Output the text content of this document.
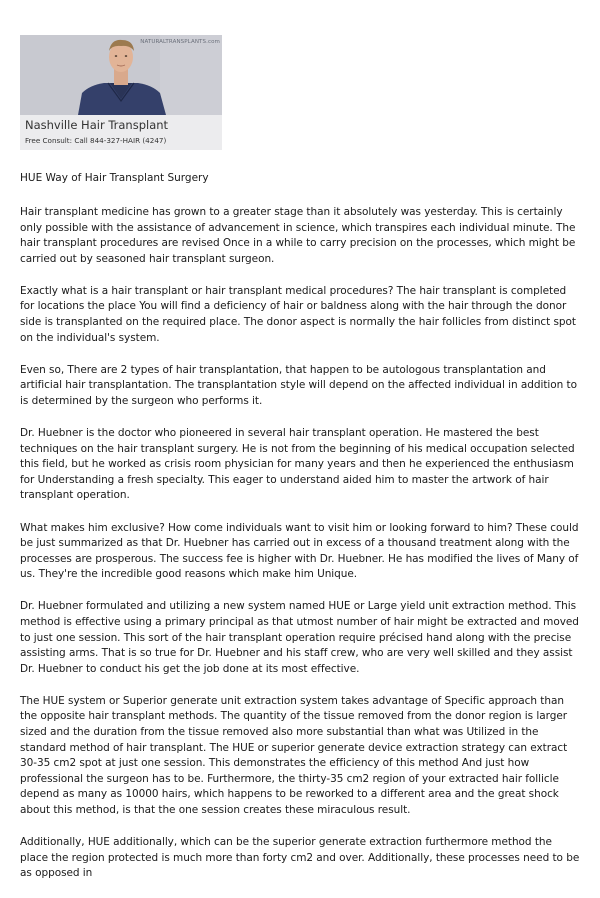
NATURALTRANSPLANTS.com
Nashville Hair Transplant
Free Consult: Call 844-327-HAIR (4247)
HUE Way of Hair Transplant Surgery

Hair transplant medicine has grown to a greater stage than it absolutely was yesterday. This is certainly only possible with the assistance of advancement in science, which transpires each individual minute. The hair transplant procedures are revised Once in a while to carry precision on the processes, which might be carried out by seasoned hair transplant surgeon.

Exactly what is a hair transplant or hair transplant medical procedures? The hair transplant is completed for locations the place You will find a deficiency of hair or baldness along with the hair through the donor side is transplanted on the required place. The donor aspect is normally the hair follicles from distinct spot on the individual's system.

Even so, There are 2 types of hair transplantation, that happen to be autologous transplantation and artificial hair transplantation. The transplantation style will depend on the affected individual in addition to is determined by the surgeon who performs it.

Dr. Huebner is the doctor who pioneered in several hair transplant operation. He mastered the best techniques on the hair transplant surgery. He is not from the beginning of his medical occupation selected this field, but he worked as crisis room physician for many years and then he experienced the enthusiasm for Understanding a fresh specialty. This eager to understand aided him to master the artwork of hair transplant operation.

What makes him exclusive? How come individuals want to visit him or looking forward to him? These could be just summarized as that Dr. Huebner has carried out in excess of a thousand treatment along with the processes are prosperous. The success fee is higher with Dr. Huebner. He has modified the lives of Many of us. They're the incredible good reasons which make him Unique.

Dr. Huebner formulated and utilizing a new system named HUE or Large yield unit extraction method. This method is effective using a primary principal as that utmost number of hair might be extracted and moved to just one session. This sort of the hair transplant operation require précised hand along with the precise assisting arms. That is so true for Dr. Huebner and his staff crew, who are very well skilled and they assist Dr. Huebner to conduct his get the job done at its most effective.

The HUE system or Superior generate unit extraction system takes advantage of Specific approach than the opposite hair transplant methods. The quantity of the tissue removed from the donor region is larger sized and the duration from the tissue removed also more substantial than what was Utilized in the standard method of hair transplant. The HUE or superior generate device extraction strategy can extract 30-35 cm2 spot at just one session. This demonstrates the efficiency of this method And just how professional the surgeon has to be. Furthermore, the thirty-35 cm2 region of your extracted hair follicle depend as many as 10000 hairs, which happens to be reworked to a different area and the great shock about this method, is that the one session creates these miraculous result.

Additionally, HUE additionally, which can be the superior generate extraction furthermore method the place the region protected is much more than forty cm2 and over. Additionally, these processes need to be as opposed in
